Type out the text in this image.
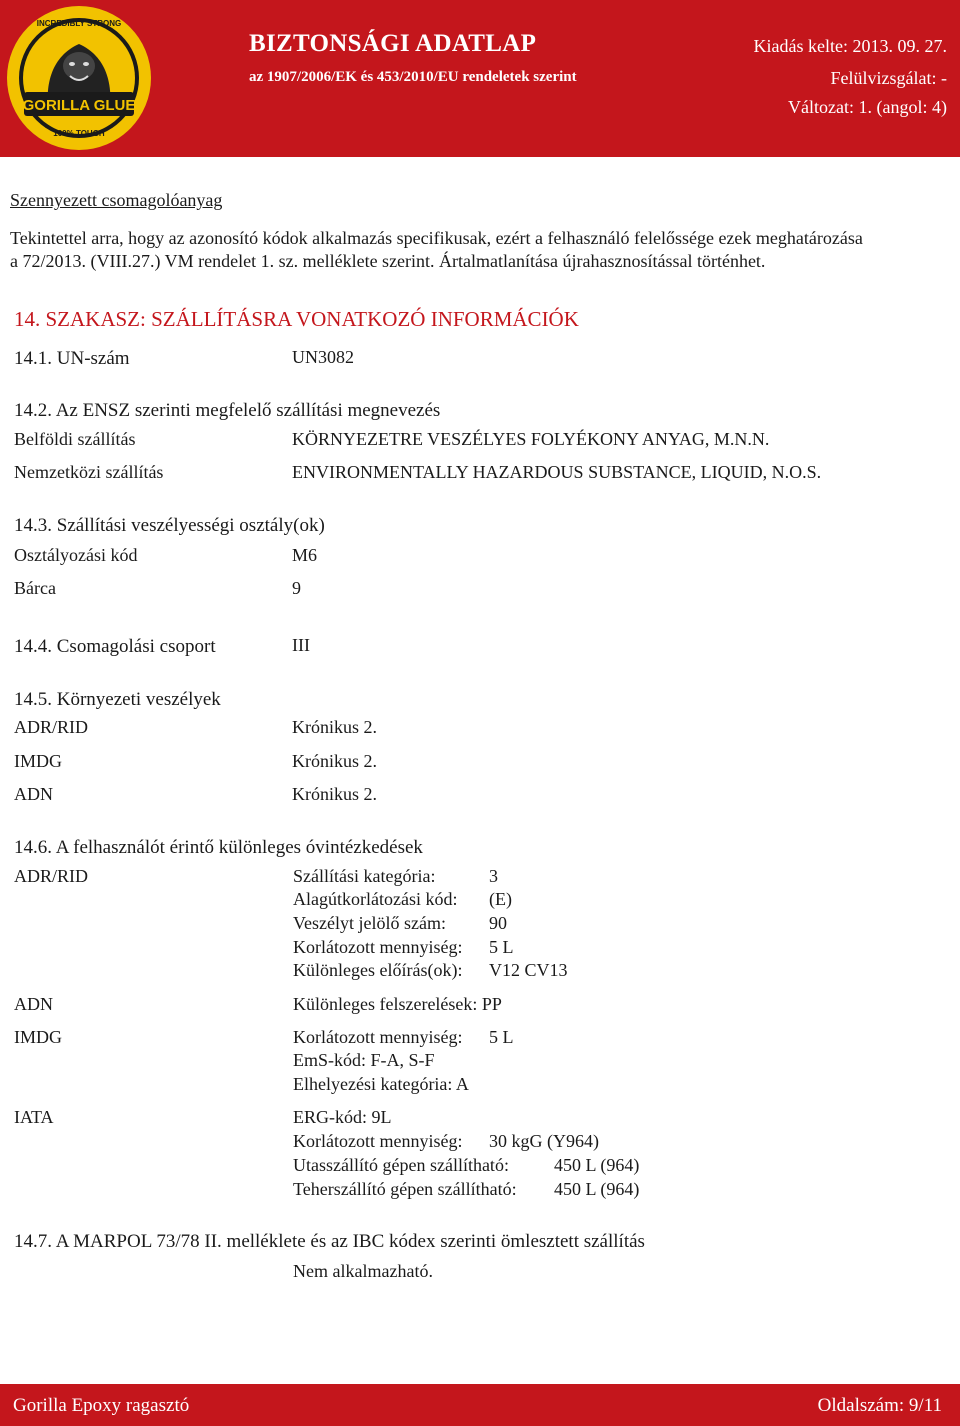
GORILLA GLUE
INCREDIBLY STRONG
100% TOUGH
BIZTONSÁGI ADATLAP
az 1907/2006/EK és 453/2010/EU rendeletek szerint
Kiadás kelte: 2013. 09. 27.
Felülvizsgálat: -
Változat: 1. (angol: 4)
Szennyezett csomagolóanyag
Tekintettel arra, hogy az azonosító kódok alkalmazás specifikusak, ezért a felhasználó felelőssége ezek meghatározása
a 72/2013. (VIII.27.) VM rendelet 1. sz. melléklete szerint. Ártalmatlanítása újrahasznosítással történhet.
14. SZAKASZ: SZÁLLÍTÁSRA VONATKOZÓ INFORMÁCIÓK
14.1. UN-szám	UN3082
14.2. Az ENSZ szerinti megfelelő szállítási megnevezés
Belföldi szállítás	KÖRNYEZETRE VESZÉLYES FOLYÉKONY ANYAG, M.N.N.
Nemzetközi szállítás	ENVIRONMENTALLY HAZARDOUS SUBSTANCE, LIQUID, N.O.S.
14.3. Szállítási veszélyességi osztály(ok)
Osztályozási kód	M6
Bárca	9
14.4. Csomagolási csoport	III
14.5. Környezeti veszélyek
ADR/RID	Krónikus 2.
IMDG	Krónikus 2.
ADN	Krónikus 2.
14.6. A felhasználót érintő különleges óvintézkedések
ADR/RID	Szállítási kategória:	3
Alagútkorlátozási kód: (E)
Veszélyt jelölő szám: 90
Korlátozott mennyiség: 5 L
Különleges előírás(ok): V12 CV13
ADN	Különleges felszerelések: PP
IMDG	Korlátozott mennyiség: 5 L
EmS-kód: F-A, S-F
Elhelyezési kategória: A
IATA	ERG-kód: 9L
Korlátozott mennyiség: 30 kgG (Y964)
Utasszállító gépen szállítható:	450 L (964)
Teherszállító gépen szállítható: 450 L (964)
14.7. A MARPOL 73/78 II. melléklete és az IBC kódex szerinti ömlesztett szállítás
Nem alkalmazható.
Gorilla Epoxy ragasztó	Oldalszám: 9/11
